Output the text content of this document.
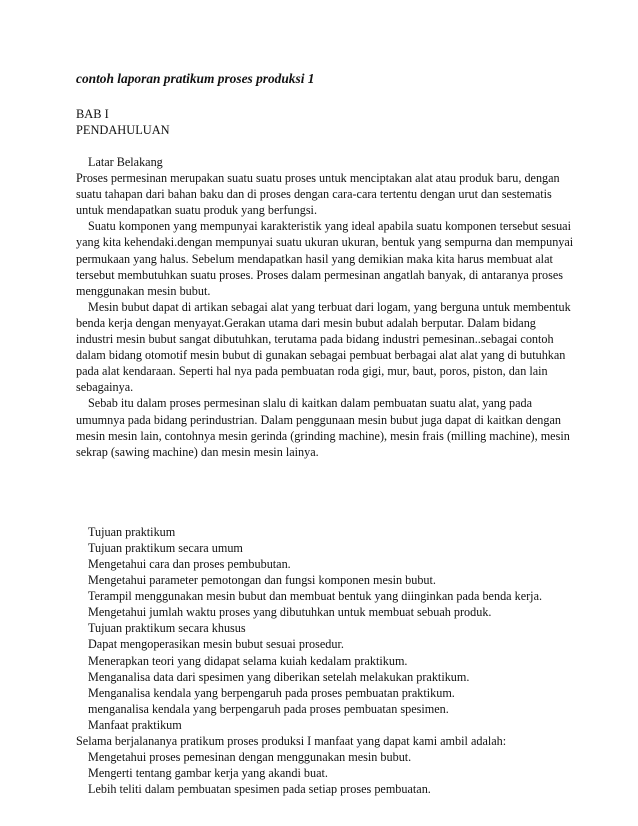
contoh laporan pratikum proses produksi 1

BAB I

PENDAHULUAN

Latar Belakang

Proses permesinan merupakan suatu suatu proses untuk menciptakan alat atau produk baru, dengan suatu tahapan dari bahan baku dan di proses dengan cara-cara tertentu dengan urut dan sestematis untuk mendapatkan suatu produk yang berfungsi.

Suatu komponen yang mempunyai karakteristik yang ideal apabila suatu komponen tersebut sesuai yang kita kehendaki.dengan mempunyai suatu ukuran ukuran, bentuk yang sempurna dan mempunyai permukaan yang halus. Sebelum mendapatkan hasil yang demikian maka kita harus membuat alat tersebut membutuhkan suatu proses. Proses dalam permesinan angatlah banyak, di antaranya proses menggunakan mesin bubut.

Mesin bubut dapat di artikan sebagai alat yang terbuat dari logam, yang berguna untuk membentuk benda kerja dengan menyayat.Gerakan utama dari mesin bubut adalah berputar. Dalam bidang industri mesin bubut sangat dibutuhkan, terutama pada bidang industri pemesinan..sebagai contoh dalam bidang otomotif mesin bubut di gunakan sebagai pembuat berbagai alat alat yang di butuhkan pada alat kendaraan. Seperti hal nya pada pembuatan roda gigi, mur, baut, poros, piston, dan lain sebagainya.

Sebab itu dalam proses permesinan slalu di kaitkan dalam pembuatan suatu alat, yang pada umumnya pada bidang perindustrian. Dalam penggunaan mesin bubut juga dapat di kaitkan dengan mesin mesin lain, contohnya mesin gerinda (grinding machine), mesin frais (milling machine), mesin sekrap (sawing machine) dan mesin mesin lainya.

Tujuan praktikum

Tujuan praktikum secara umum

Mengetahui cara dan proses pembubutan.

Mengetahui parameter pemotongan dan fungsi komponen mesin bubut.

Terampil menggunakan mesin bubut dan membuat bentuk yang diinginkan pada benda kerja.

Mengetahui jumlah waktu proses yang dibutuhkan untuk membuat sebuah produk.

Tujuan praktikum secara khusus

Dapat mengoperasikan mesin bubut sesuai prosedur.

Menerapkan teori yang didapat selama kuiah kedalam praktikum.

Menganalisa data dari spesimen yang diberikan setelah melakukan praktikum.

Menganalisa kendala yang berpengaruh pada proses pembuatan praktikum.

menganalisa kendala yang berpengaruh pada proses pembuatan spesimen.

Manfaat praktikum

Selama berjalananya pratikum proses produksi I manfaat yang dapat kami ambil adalah:

Mengetahui proses pemesinan dengan menggunakan mesin bubut.

Mengerti tentang gambar kerja yang akandi buat.

Lebih teliti dalam pembuatan spesimen pada setiap proses pembuatan.
